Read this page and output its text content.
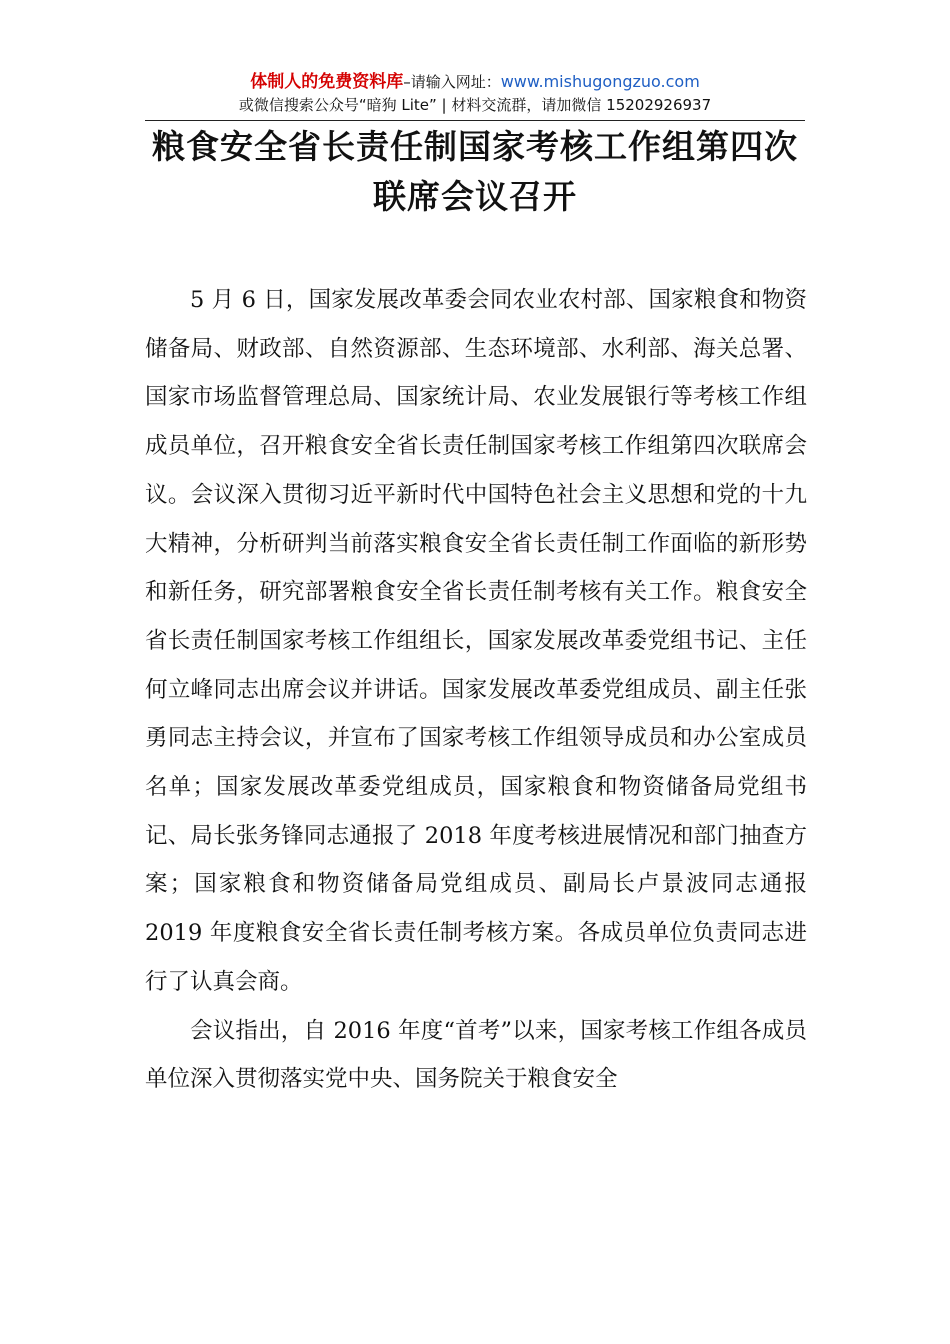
体制人的免费资料库–请输入网址：www.mishugongzuo.com
或微信搜索公众号“暗狗 Lite” | 材料交流群，请加微信 15202926937
粮食安全省长责任制国家考核工作组第四次联席会议召开

5 月 6 日，国家发展改革委会同农业农村部、国家粮食和物资储备局、财政部、自然资源部、生态环境部、水利部、海关总署、国家市场监督管理总局、国家统计局、农业发展银行等考核工作组成员单位，召开粮食安全省长责任制国家考核工作组第四次联席会议。会议深入贯彻习近平新时代中国特色社会主义思想和党的十九大精神，分析研判当前落实粮食安全省长责任制工作面临的新形势和新任务，研究部署粮食安全省长责任制考核有关工作。粮食安全省长责任制国家考核工作组组长，国家发展改革委党组书记、主任何立峰同志出席会议并讲话。国家发展改革委党组成员、副主任张勇同志主持会议，并宣布了国家考核工作组领导成员和办公室成员名单；国家发展改革委党组成员，国家粮食和物资储备局党组书记、局长张务锋同志通报了 2018 年度考核进展情况和部门抽查方案；国家粮食和物资储备局党组成员、副局长卢景波同志通报 2019 年度粮食安全省长责任制考核方案。各成员单位负责同志进行了认真会商。

会议指出，自 2016 年度“首考”以来，国家考核工作组各成员单位深入贯彻落实党中央、国务院关于粮食安全
